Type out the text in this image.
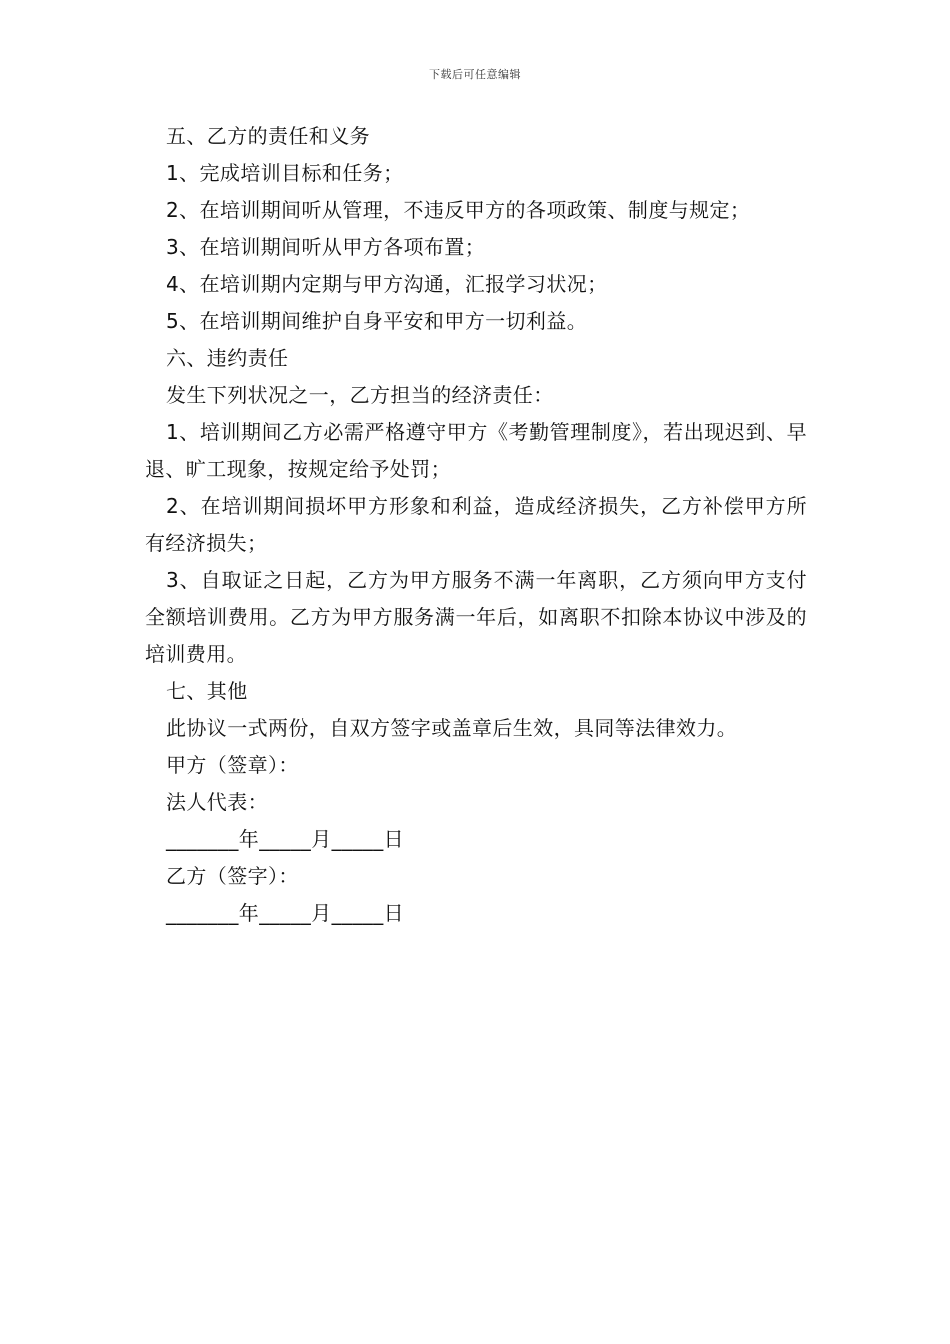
下载后可任意编辑
五、乙方的责任和义务
1、完成培训目标和任务；
2、在培训期间听从管理，不违反甲方的各项政策、制度与规定；
3、在培训期间听从甲方各项布置；
4、在培训期内定期与甲方沟通，汇报学习状况；
5、在培训期间维护自身平安和甲方一切利益。
六、违约责任
发生下列状况之一，乙方担当的经济责任：
1、培训期间乙方必需严格遵守甲方《考勤管理制度》，若出现迟到、早退、旷工现象，按规定给予处罚；
2、在培训期间损坏甲方形象和利益，造成经济损失，乙方补偿甲方所有经济损失；
3、自取证之日起，乙方为甲方服务不满一年离职，乙方须向甲方支付全额培训费用。乙方为甲方服务满一年后，如离职不扣除本协议中涉及的培训费用。
七、其他
此协议一式两份，自双方签字或盖章后生效，具同等法律效力。
甲方（签章）：
法人代表：
_______年_____月_____日
乙方（签字）：
_______年_____月_____日
